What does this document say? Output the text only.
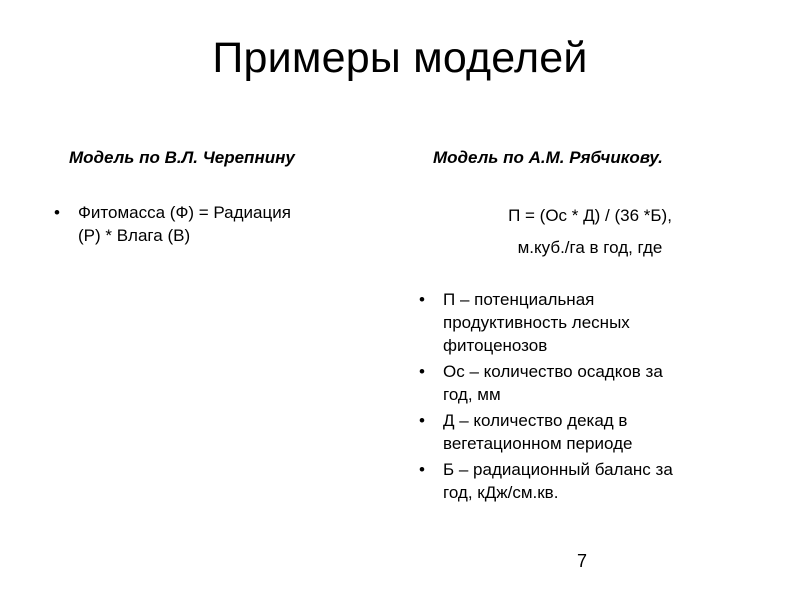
Примеры моделей
Модель по В.Л. Черепнину	Модель по А.М. Рябчикову.
•	Фитомасса (Ф) = Радиация
(Р) * Влага (В)
П = (Ос * Д) / (36 *Б),
м.куб./га в год, где
•	П – потенциальная
продуктивность лесных
фитоценозов
•	Ос – количество осадков за
год, мм
•	Д – количество декад в
вегетационном периоде
•	Б – радиационный баланс за
год, кДж/см.кв.
7
